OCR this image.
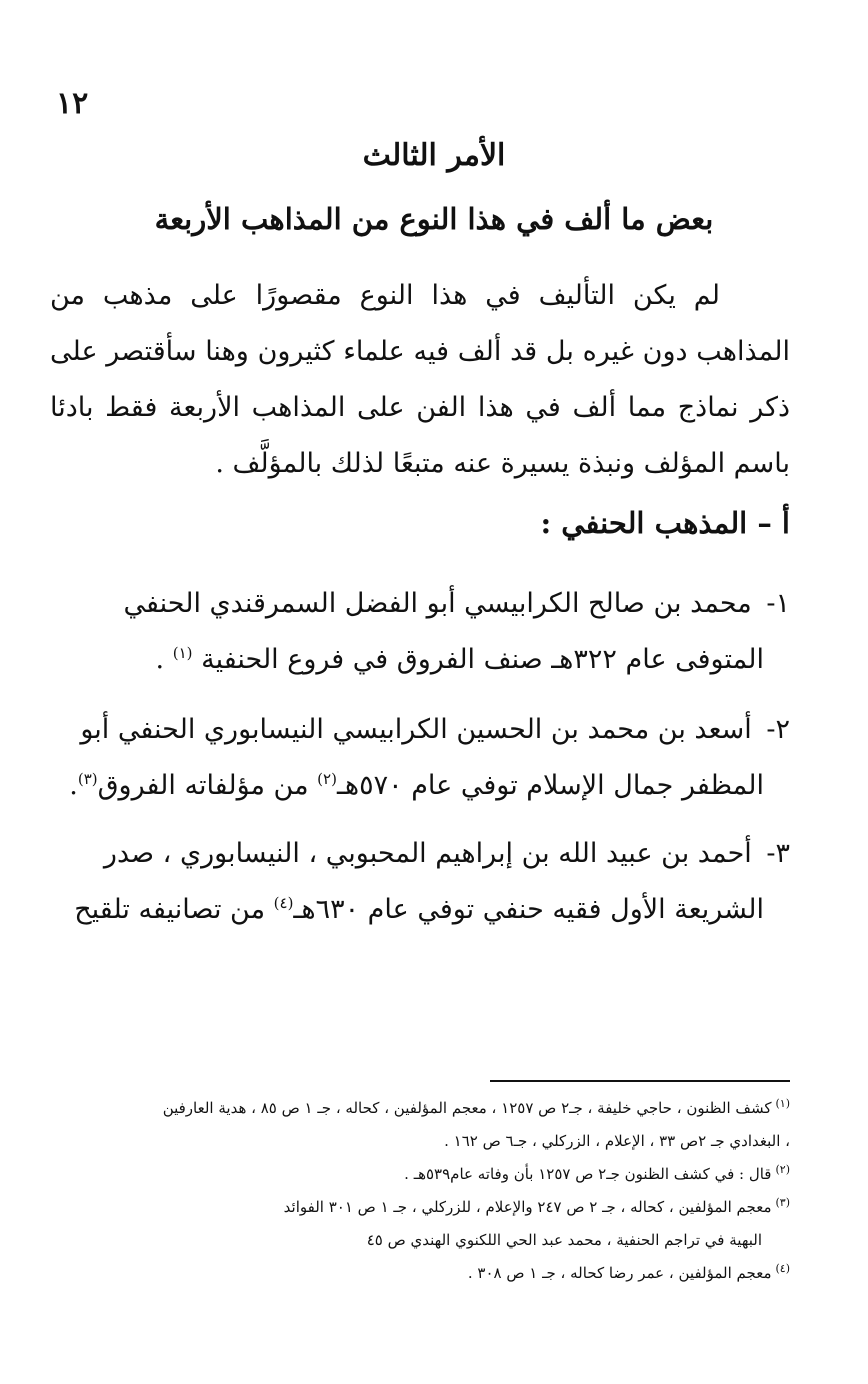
١٢
الأمر الثالث
بعض ما ألف في هذا النوع من المذاهب الأربعة

لم يكن التأليف في هذا النوع مقصورًا على مذهب من المذاهب دون غيره بل قد ألف فيه علماء كثيرون وهنا سأقتصر على ذكر نماذج مما ألف في هذا الفن على المذاهب الأربعة فقط بادئا باسم المؤلف ونبذة يسيرة عنه متبعًا لذلك بالمؤلَّف .

أ – المذهب الحنفي :
١- محمد بن صالح الكرابيسي أبو الفضل السمرقندي الحنفي
المتوفى عام ٣٢٢هـ صنف الفروق في فروع الحنفية $^{(١)}$ .
٢- أسعد بن محمد بن الحسين الكرابيسي النيسابوري الحنفي أبو
المظفر جمال الإسلام توفي عام ٥٧٠هـ$^{(٢)}$ من مؤلفاته الفروق$^{(٣)}$.
٣- أحمد بن عبيد الله بن إبراهيم المحبوبي ، النيسابوري ، صدر
الشريعة الأول فقيه حنفي توفي عام ٦٣٠هـ$^{(٤)}$ من تصانيفه تلقيح
$^{(١)}$كشف الظنون ، حاجي خليفة ، جـ٢ ص ١٢٥٧ ، معجم المؤلفين ، كحاله ، جـ ١ ص ٨٥ ، هدية العارفين
، البغدادي جـ ٢ص ٣٣ ، الإعلام ، الزركلي ، جـ٦ ص ١٦٢ .
$^{(٢)}$قال : في كشف الظنون جـ٢ ص ١٢٥٧ بأن وفاته عام٥٣٩هـ .
$^{(٣)}$معجم المؤلفين ، كحاله ، جـ ٢ ص ٢٤٧ والإعلام ، للزركلي ، جـ ١ ص ٣٠١ الفوائد
البهية في تراجم الحنفية ، محمد عبد الحي اللكنوي الهندي ص ٤٥
$^{(٤)}$معجم المؤلفين ، عمر رضا كحاله ، جـ ١ ص ٣٠٨ .
